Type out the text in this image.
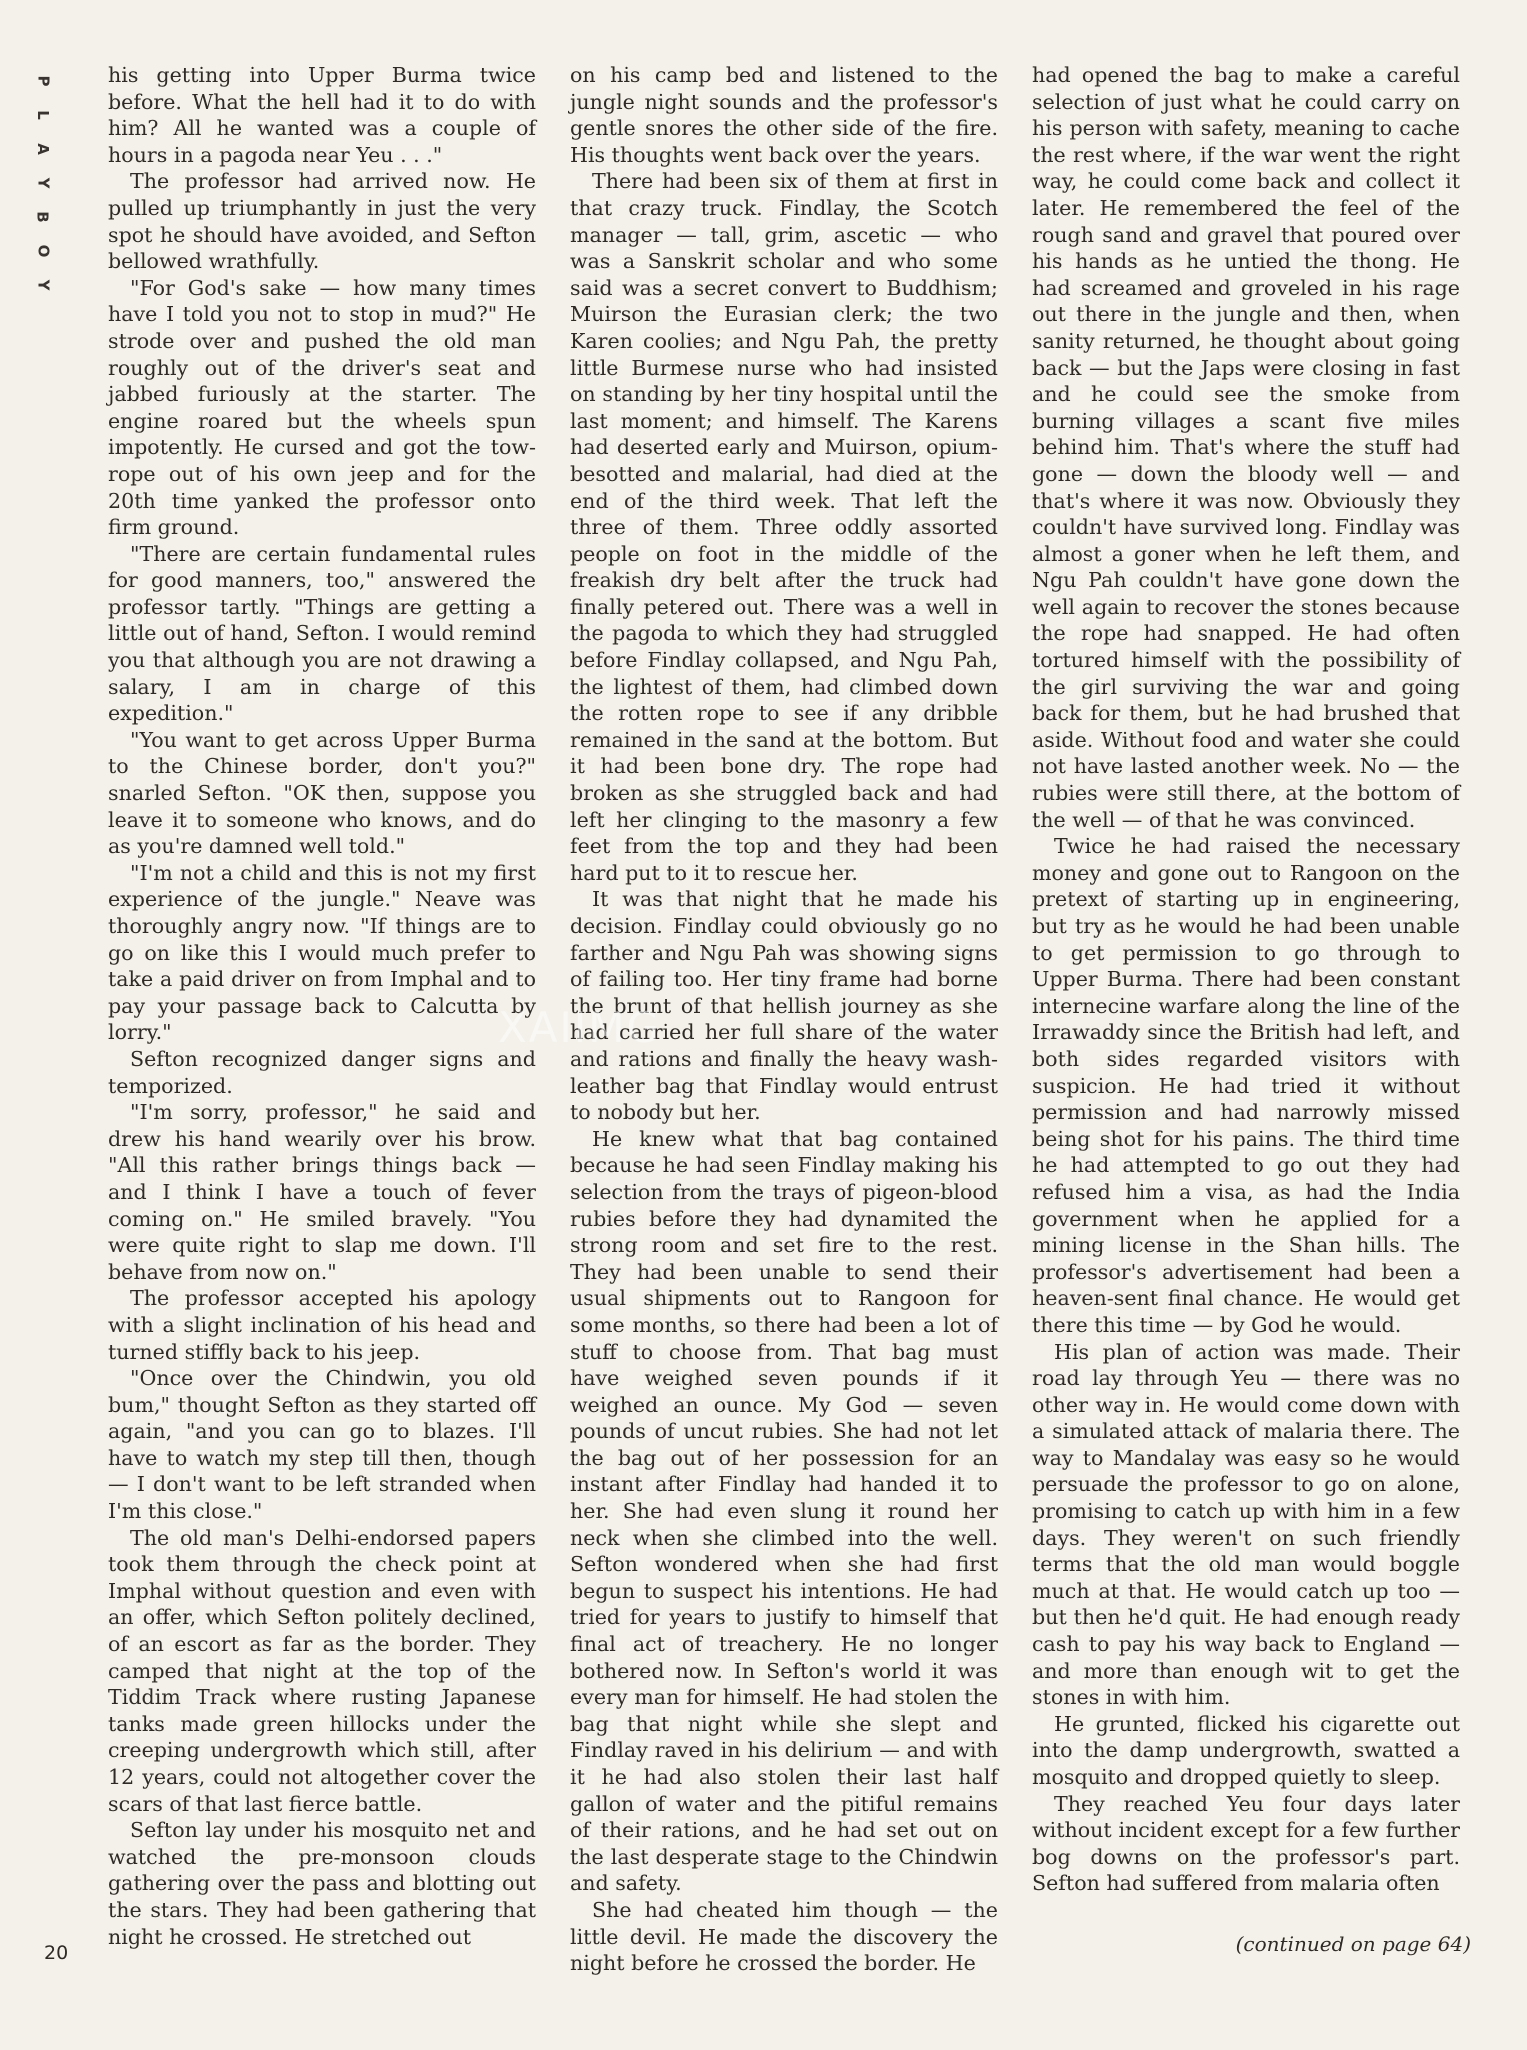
P
L
A
Y
B
O
Y

his getting into Upper Burma twice before. What the hell had it to do with him? All he wanted was a couple of hours in a pagoda near Yeu . . ."

The professor had arrived now. He pulled up triumphantly in just the very spot he should have avoided, and Sefton bellowed wrathfully.

"For God's sake — how many times have I told you not to stop in mud?" He strode over and pushed the old man roughly out of the driver's seat and jabbed furiously at the starter. The engine roared but the wheels spun impotently. He cursed and got the tow-rope out of his own jeep and for the 20th time yanked the professor onto firm ground.

"There are certain fundamental rules for good manners, too," answered the professor tartly. "Things are getting a little out of hand, Sefton. I would remind you that although you are not drawing a salary, I am in charge of this expedition."

"You want to get across Upper Burma to the Chinese border, don't you?" snarled Sefton. "OK then, suppose you leave it to someone who knows, and do as you're damned well told."

"I'm not a child and this is not my first experience of the jungle." Neave was thoroughly angry now. "If things are to go on like this I would much prefer to take a paid driver on from Imphal and to pay your passage back to Calcutta by lorry."

Sefton recognized danger signs and temporized.

"I'm sorry, professor," he said and drew his hand wearily over his brow. "All this rather brings things back — and I think I have a touch of fever coming on." He smiled bravely. "You were quite right to slap me down. I'll behave from now on."

The professor accepted his apology with a slight inclination of his head and turned stiffly back to his jeep.

"Once over the Chindwin, you old bum," thought Sefton as they started off again, "and you can go to blazes. I'll have to watch my step till then, though — I don't want to be left stranded when I'm this close."

The old man's Delhi-endorsed papers took them through the check point at Imphal without question and even with an offer, which Sefton politely declined, of an escort as far as the border. They camped that night at the top of the Tiddim Track where rusting Japanese tanks made green hillocks under the creeping undergrowth which still, after 12 years, could not altogether cover the scars of that last fierce battle.

Sefton lay under his mosquito net and watched the pre-monsoon clouds gathering over the pass and blotting out the stars. They had been gathering that night he crossed. He stretched out

on his camp bed and listened to the jungle night sounds and the professor's gentle snores the other side of the fire. His thoughts went back over the years.

There had been six of them at first in that crazy truck. Findlay, the Scotch manager — tall, grim, ascetic — who was a Sanskrit scholar and who some said was a secret convert to Buddhism; Muirson the Eurasian clerk; the two Karen coolies; and Ngu Pah, the pretty little Burmese nurse who had insisted on standing by her tiny hospital until the last moment; and himself. The Karens had deserted early and Muirson, opium-besotted and malarial, had died at the end of the third week. That left the three of them. Three oddly assorted people on foot in the middle of the freakish dry belt after the truck had finally petered out. There was a well in the pagoda to which they had struggled before Findlay collapsed, and Ngu Pah, the lightest of them, had climbed down the rotten rope to see if any dribble remained in the sand at the bottom. But it had been bone dry. The rope had broken as she struggled back and had left her clinging to the masonry a few feet from the top and they had been hard put to it to rescue her.

It was that night that he made his decision. Findlay could obviously go no farther and Ngu Pah was showing signs of failing too. Her tiny frame had borne the brunt of that hellish journey as she had carried her full share of the water and rations and finally the heavy wash-leather bag that Findlay would entrust to nobody but her.

He knew what that bag contained because he had seen Findlay making his selection from the trays of pigeon-blood rubies before they had dynamited the strong room and set fire to the rest. They had been unable to send their usual shipments out to Rangoon for some months, so there had been a lot of stuff to choose from. That bag must have weighed seven pounds if it weighed an ounce. My God — seven pounds of uncut rubies. She had not let the bag out of her possession for an instant after Findlay had handed it to her. She had even slung it round her neck when she climbed into the well. Sefton wondered when she had first begun to suspect his intentions. He had tried for years to justify to himself that final act of treachery. He no longer bothered now. In Sefton's world it was every man for himself. He had stolen the bag that night while she slept and Findlay raved in his delirium — and with it he had also stolen their last half gallon of water and the pitiful remains of their rations, and he had set out on the last desperate stage to the Chindwin and safety.

She had cheated him though — the little devil. He made the discovery the night before he crossed the border. He

had opened the bag to make a careful selection of just what he could carry on his person with safety, meaning to cache the rest where, if the war went the right way, he could come back and collect it later. He remembered the feel of the rough sand and gravel that poured over his hands as he untied the thong. He had screamed and groveled in his rage out there in the jungle and then, when sanity returned, he thought about going back — but the Japs were closing in fast and he could see the smoke from burning villages a scant five miles behind him. That's where the stuff had gone — down the bloody well — and that's where it was now. Obviously they couldn't have survived long. Findlay was almost a goner when he left them, and Ngu Pah couldn't have gone down the well again to recover the stones because the rope had snapped. He had often tortured himself with the possibility of the girl surviving the war and going back for them, but he had brushed that aside. Without food and water she could not have lasted another week. No — the rubies were still there, at the bottom of the well — of that he was convinced.

Twice he had raised the necessary money and gone out to Rangoon on the pretext of starting up in engineering, but try as he would he had been unable to get permission to go through to Upper Burma. There had been constant internecine warfare along the line of the Irrawaddy since the British had left, and both sides regarded visitors with suspicion. He had tried it without permission and had narrowly missed being shot for his pains. The third time he had attempted to go out they had refused him a visa, as had the India government when he applied for a mining license in the Shan hills. The professor's advertisement had been a heaven-sent final chance. He would get there this time — by God he would.

His plan of action was made. Their road lay through Yeu — there was no other way in. He would come down with a simulated attack of malaria there. The way to Mandalay was easy so he would persuade the professor to go on alone, promising to catch up with him in a few days. They weren't on such friendly terms that the old man would boggle much at that. He would catch up too — but then he'd quit. He had enough ready cash to pay his way back to England — and more than enough wit to get the stones in with him.

He grunted, flicked his cigarette out into the damp undergrowth, swatted a mosquito and dropped quietly to sleep.

They reached Yeu four days later without incident except for a few further bog downs on the professor's part. Sefton had suffered from malaria often

XAIIMG
(continued on page 64)
20
